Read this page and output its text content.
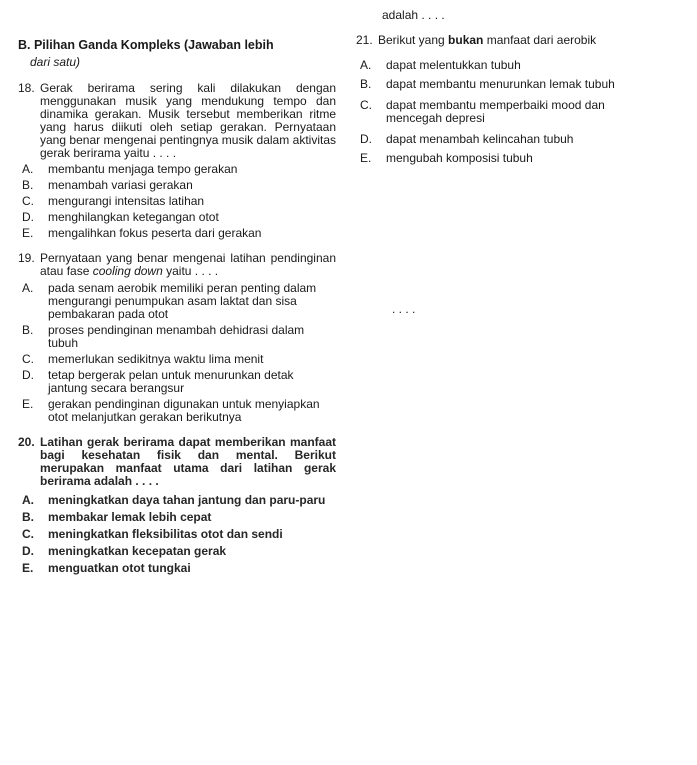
adalah . . . .
21. Berikut yang bukan manfaat dari aerobik
A. dapat melentukkan tubuh
B. dapat membantu menurunkan lemak tubuh
C. dapat membantu memperbaiki mood dan mencegah depresi
D. dapat menambah kelincahan tubuh
E. mengubah komposisi tubuh
. . . .
B. Pilihan Ganda Kompleks (Jawaban lebih
dari satu)
18. Gerak berirama sering kali dilakukan dengan menggunakan musik yang mendukung tempo dan dinamika gerakan. Musik tersebut memberikan ritme yang harus diikuti oleh setiap gerakan. Pernyataan yang benar mengenai pentingnya musik dalam aktivitas gerak berirama yaitu . . . .
A. membantu menjaga tempo gerakan
B. menambah variasi gerakan
C. mengurangi intensitas latihan
D. menghilangkan ketegangan otot
E. mengalihkan fokus peserta dari gerakan
19. Pernyataan yang benar mengenai latihan pendinginan atau fase cooling down yaitu . . . .
A. pada senam aerobik memiliki peran penting dalam mengurangi penumpukan asam laktat dan sisa pembakaran pada otot
B. proses pendinginan menambah dehidrasi dalam tubuh
C. memerlukan sedikitnya waktu lima menit
D. tetap bergerak pelan untuk menurunkan detak jantung secara berangsur
E. gerakan pendinginan digunakan untuk menyiapkan otot melanjutkan gerakan berikutnya
20. Latihan gerak berirama dapat memberikan manfaat bagi kesehatan fisik dan mental. Berikut merupakan manfaat utama dari latihan gerak berirama adalah . . . .
A. meningkatkan daya tahan jantung dan paru-paru
B. membakar lemak lebih cepat
C. meningkatkan fleksibilitas otot dan sendi
D. meningkatkan kecepatan gerak
E. menguatkan otot tungkai
